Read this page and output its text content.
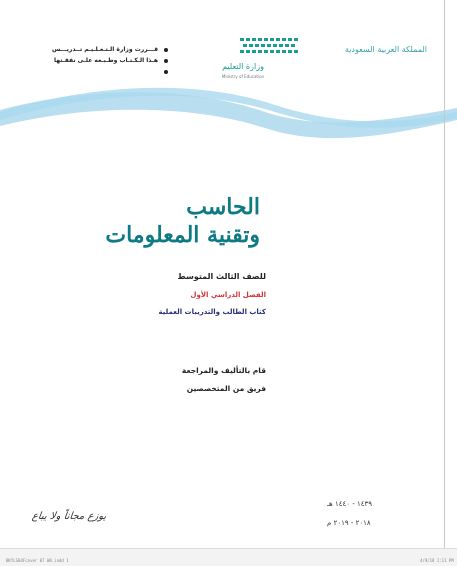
المملكة العربية السعودية
وزارة التعليم
Ministry of Education
قـــررت وزارة الـتـعـلـيـم تــدريـــس
هـذا الـكـتـاب وطـبـعه علـى نفقـتها
الحاسب
وتقنية المعلومات
للصف الثالث المتوسط
الفصل الدراسي الأول
كتاب الطالب والتدريبات العملية
قام بالتأليف والمراجعة
فريق من المتخصصين
١٤٣٩ - ١٤٤٠ هـ
٢٠١٨ - ٢٠١٩ م
يوزع مجاناً ولا يباع
BKYLS04Fcover 07 W0.indd 1	4/9/18 2:11 PM
